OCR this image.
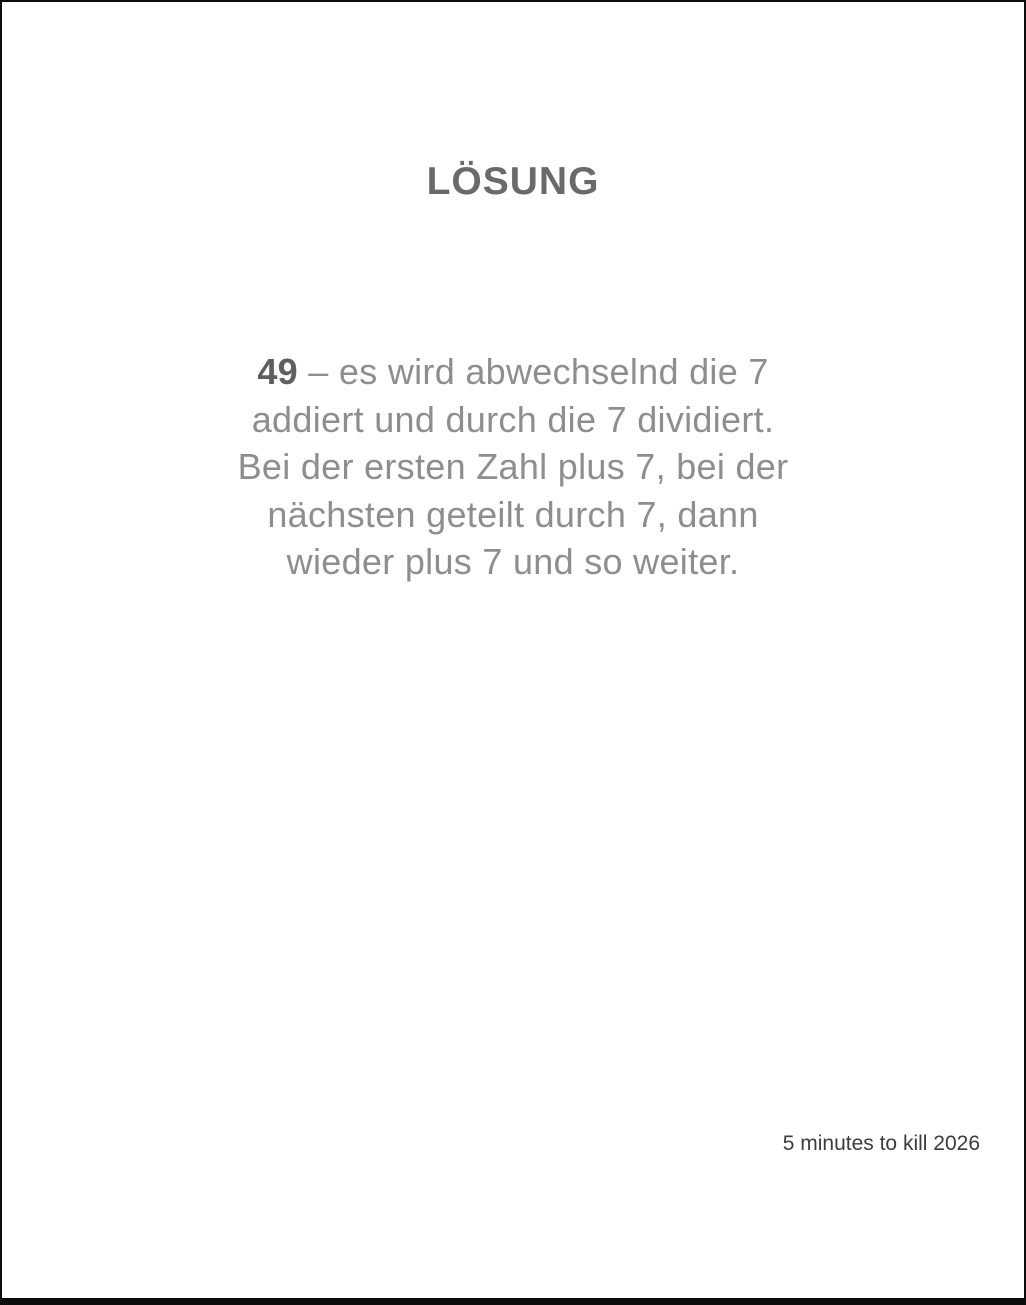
LÖSUNG
49 – es wird abwechselnd die 7
addiert und durch die 7 dividiert.
Bei der ersten Zahl plus 7, bei der
nächsten geteilt durch 7, dann
wieder plus 7 und so weiter.
5 minutes to kill 2026
